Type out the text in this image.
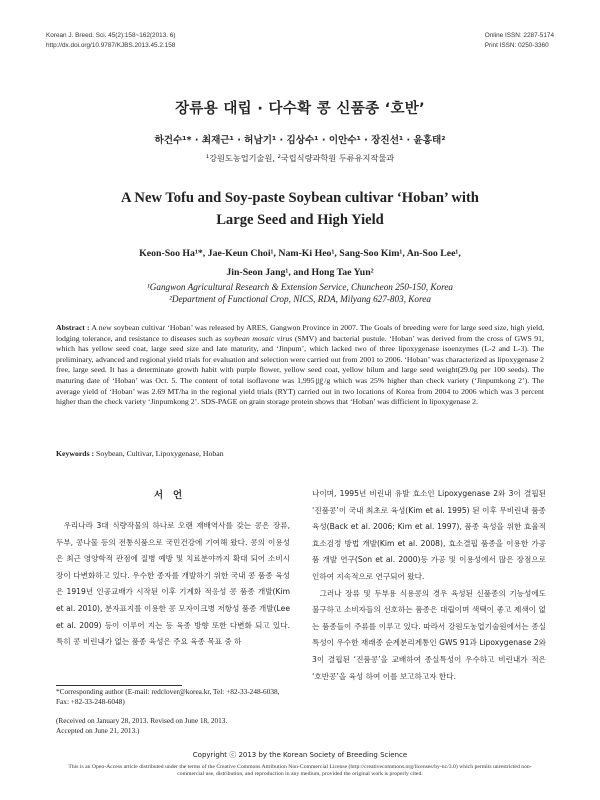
Korean J. Breed. Sci. 45(2):158~162(2013. 6)
http://dx.doi.org/10.9787/KJBS.2013.45.2.158
Online ISSN: 2287-5174
Print ISSN: 0250-3360
장류용 대립 · 다수확 콩 신품종 ‘호반’
하건수¹* · 최재근¹ · 허남기¹ · 김상수¹ · 이안수¹ · 장진선¹ · 윤홍태²
¹강원도농업기술원, ²국립식량과학원 두류유지작물과
A New Tofu and Soy-paste Soybean cultivar ‘Hoban’ with
Large Seed and High Yield
Keon-Soo Ha¹*, Jae-Keun Choi¹, Nam-Ki Heo¹, Sang-Soo Kim¹, An-Soo Lee¹,
Jin-Seon Jang¹, and Hong Tae Yun²
¹Gangwon Agricultural Research & Extension Service, Chuncheon 250-150, Korea
²Department of Functional Crop, NICS, RDA, Milyang 627-803, Korea
Abstract : A new soybean cultivar ‘Hoban’ was released by ARES, Gangwon Province in 2007. The Goals of breeding were for large seed size, high yield, lodging tolerance, and resistance to diseases such as soybean mosaic virus (SMV) and bacterial pustule. ‘Hoban’ was derived from the cross of GWS 91, which has yellow seed coat, large seed size and late maturity, and ‘Jinpum’, which lacked two of three lipoxygenase isoenzymes (L-2 and L-3). The preliminary, advanced and regional yield trials for evaluation and selection were carried out from 2001 to 2006. ‘Hoban’ was characterized as lipoxygenase 2 free, large seed. It has a determinate growth habit with purple flower, yellow seed coat, yellow hilum and large seed weight(29.0g per 100 seeds). The maturing date of ‘Hoban’ was Oct. 5. The content of total isoflavone was 1,995㎍/g which was 25% higher than check variety (‘Jinpumkong 2’). The average yield of ‘Hoban’ was 2.69 MT/ha in the regional yield trials (RYT) carried out in two locations of Korea from 2004 to 2006 which was 3 percent higher than the check variety ‘Jinpumkong 2’. SDS-PAGE on grain storage protein shows that ‘Hoban’ was difficient in lipoxygenase 2.
Keywords : Soybean, Cultivar, Lipoxygenase, Hoban
서언

우리나라 3대 식량작물의 하나로 오랜 재배역사를 갖는 콩은 장류, 두부, 콩나물 등의 전통식품으로 국민건강에 기여해 왔다. 콩의 이용성은 최근 영양학적 관점에 질병 예방 및 치료분야까지 확대 되어 소비시장이 다변화하고 있다. 우수한 종자를 개발하기 위한 국내 콩 품종 육성은 1919년 인공교배가 시작된 이후 기계화 적응성 콩 품종 개발(Kim et al. 2010), 분자표지를 이용한 콩 모자이크병 저항성 품종 개발(Lee et al. 2009) 등이 이루어 지는 등 육종 방향 또한 다변화 되고 있다. 특히 콩 비린내가 없는 품종 육성은 주요 육종 목표 중 하

나이며, 1995년 비린내 유발 효소인 Lipoxygenase 2와 3이 결핍된 ‘진품콩’이 국내 최초로 육성(Kim et al. 1995) 된 이후 무비린내 품종 육성(Back et al. 2006; Kim et al. 1997), 품종 육성을 위한 효율적 효소검정 방법 개발(Kim et al. 2008), 효소결핍 품종을 이용한 가공품 개발 연구(Son et al. 2000)등 가공 및 이용성에서 많은 장점으로 인하여 지속적으로 연구되어 왔다.

그러나 장류 및 두부용 식용콩의 경우 육성된 신품종의 기능성에도 불구하고 소비자들의 선호하는 품종은 대립이며 색택이 좋고 제색이 없는 품종들이 주류를 이루고 있다. 따라서 강원도농업기술원에서는 종실특성이 우수한 재래종 순계분리계통인 GWS 91과 Lipoxygenase 2와 3이 결핍된 ‘진품콩’을 교배하여 종실특성이 우수하고 비린내가 적은 ‘호반콩’을 육성 하여 이를 보고하고자 한다.

*Corresponding author (E-mail: redclover@korea.kr, Tel: +82-33-248-6038, Fax: +82-33-248-6048)
(Received on January 28, 2013. Revised on June 18, 2013.
Accepted on June 21, 2013.)
Copyright ⓒ 2013 by the Korean Society of Breeding Science
This is an Open-Access article distributed under the terms of the Creative Commons Attribution Non-Commercial License (http://creativecommons.org/licenses/by-nc/3.0) which permits unrestricted non-commercial use, distribution, and reproduction in any medium, provided the original work is properly cited.
